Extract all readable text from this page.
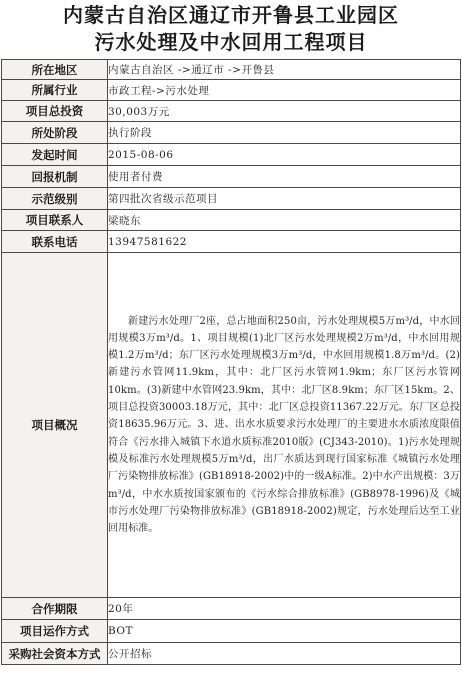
内蒙古自治区通辽市开鲁县工业园区
污水处理及中水回用工程项目
所在地区	内蒙古自治区 ->通辽市 ->开鲁县
所属行业	市政工程->污水处理
项目总投资	30,003万元
所处阶段	执行阶段
发起时间	2015-08-06
回报机制	使用者付费
示范级别	第四批次省级示范项目
项目联系人	梁晓东
联系电话	13947581622
项目概况	新建污水处理厂2座，总占地面积250亩，污水处理规模5万m³/d，中水回用规模3万m³/d。1、项目规模(1)北厂区污水处理规模2万m³/d，中水回用规模1.2万m³/d；东厂区污水处理规模3万m³/d，中水回用规模1.8万m³/d。(2)新建污水管网11.9km，其中：北厂区污水管网1.9km；东厂区污水管网10km。(3)新建中水管网23.9km，其中：北厂区8.9km；东厂区15km。2、项目总投资30003.18万元，其中：北厂区总投资11367.22万元。东厂区总投资18635.96万元。3、进、出水水质要求污水处理厂的主要进水水质浓度限值符合《污水排入城镇下水道水质标准2010版》(CJ343-2010)。1)污水处理规模及标准污水处理规模5万m³/d，出厂水质达到现行国家标准《城镇污水处理厂污染物排放标准》(GB18918-2002)中的一级A标准。2)中水产出规模：3万m³/d，中水水质按国家颁布的《污水综合排放标准》(GB8978-1996)及《城市污水处理厂污染物排放标准》(GB18918-2002)规定，污水处理后达至工业回用标准。

合作期限	20年
项目运作方式	BOT
采购社会资本方式	公开招标
